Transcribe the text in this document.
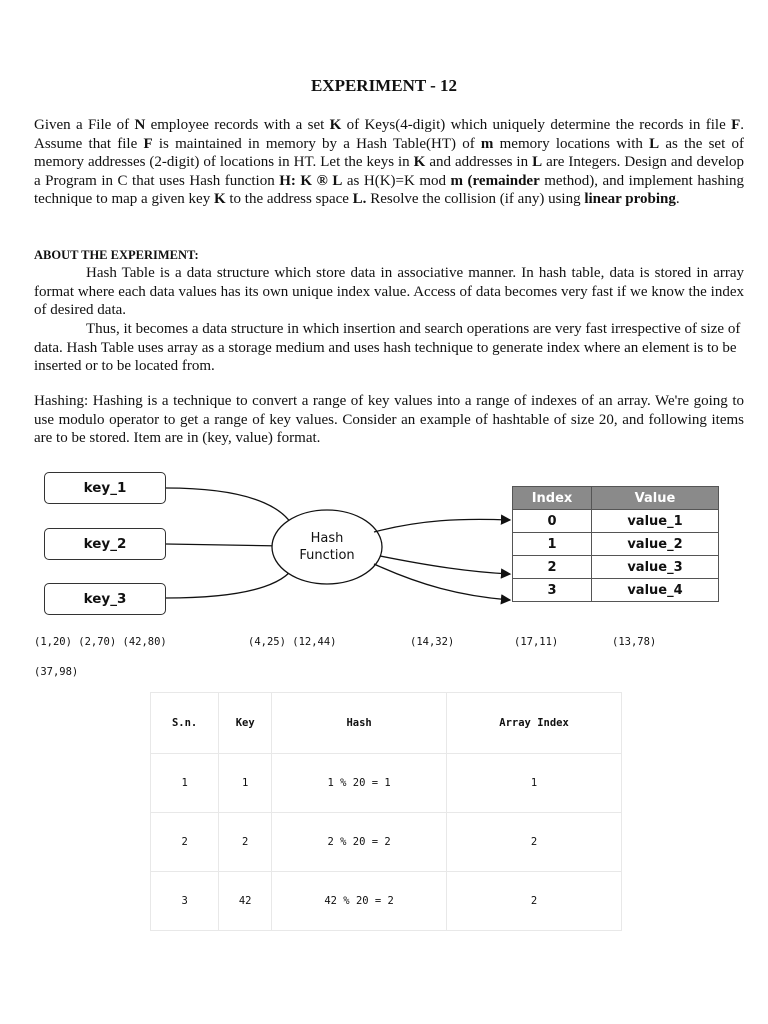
EXPERIMENT - 12

Given a File of N employee records with a set K of Keys(4-digit) which uniquely determine the records in file F. Assume that file F is maintained in memory by a Hash Table(HT) of m memory locations with L as the set of memory addresses (2-digit) of locations in HT. Let the keys in K and addresses in L are Integers. Design and develop a Program in C that uses Hash function H: K ® L as H(K)=K mod m (remainder method), and implement hashing technique to map a given key K to the address space L. Resolve the collision (if any) using linear probing.

ABOUT THE EXPERIMENT:

Hash Table is a data structure which store data in associative manner. In hash table, data is stored in array format where each data values has its own unique index value. Access of data becomes very fast if we know the index of desired data.

Thus, it becomes a data structure in which insertion and search operations are very fast irrespective of size of data. Hash Table uses array as a storage medium and uses hash technique to generate index where an element is to be inserted or to be located from.

Hashing: Hashing is a technique to convert a range of key values into a range of indexes of an array. We're going to use modulo operator to get a range of key values. Consider an example of hashtable of size 20, and following items are to be stored. Item are in (key, value) format.

key_1
key_2
key_3
Hash
Function
Index	Value
0	value_1
1	value_2
2	value_3
3	value_4
(1,20) (2,70) (42,80)	(4,25) (12,44)	(14,32)	(17,11)	(13,78)
(37,98)
S.n.	Key	Hash	Array Index
1	1	1 % 20 = 1	1
2	2	2 % 20 = 2	2
3	42	42 % 20 = 2	2
